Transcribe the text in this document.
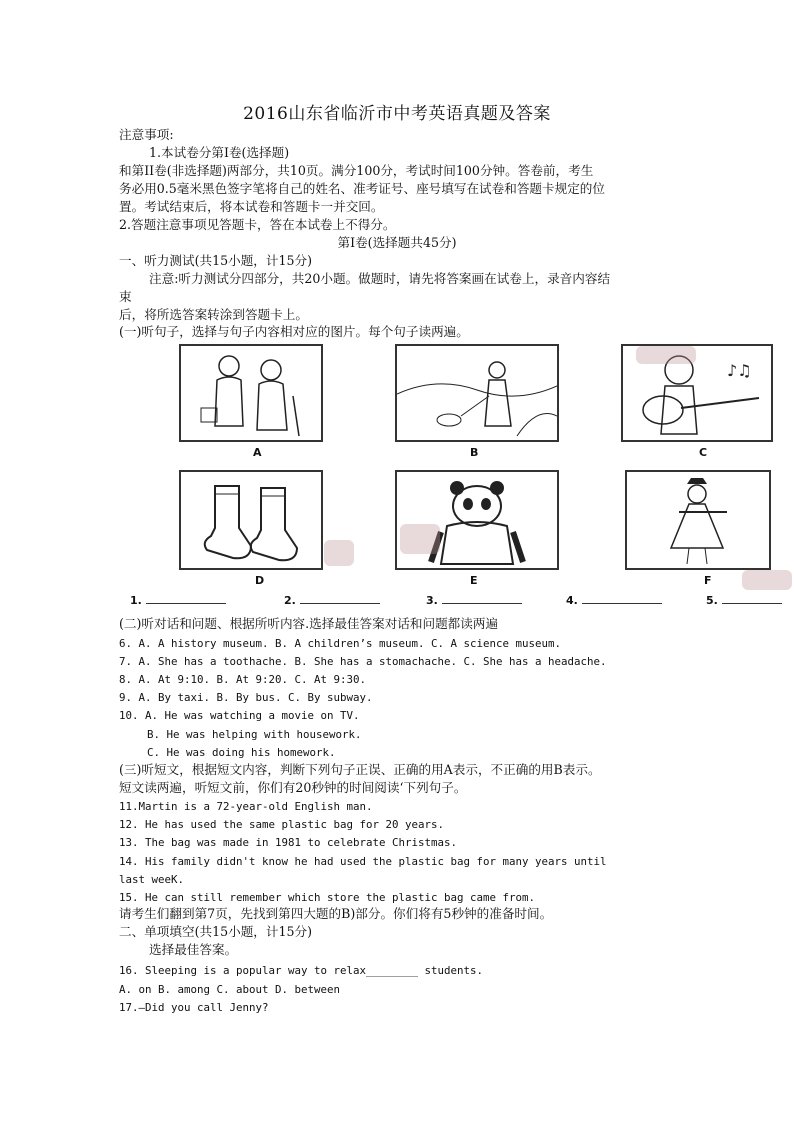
2016山东省临沂市中考英语真题及答案
注意事项:
1.本试卷分第Ⅰ卷(选择题)
和第II卷(非选择题)两部分，共10页。满分100分，考试时间100分钟。答卷前，考生
务必用0.5毫米黑色签字笔将自己的姓名、准考证号、座号填写在试卷和答题卡规定的位
置。考试结束后，将本试卷和答题卡一并交回。
2.答题注意事项见答题卡，答在本试卷上不得分。
第Ⅰ卷(选择题共45分)
一、听力测试(共15小题，计15分)
注意:听力测试分四部分，共20小题。做题时，请先将答案画在试卷上，录音内容结
束
后，将所选答案转涂到答题卡上。
(一)听句子，选择与句子内容相对应的图片。每个句子读两遍。
A	B
♪♫
C
D	E	F
1.	2.	3.	4.	5.
(二)听对话和问题、根据所听内容.选择最佳答案对话和问题都读两遍
6. A. A history museum. B. A children’s museum. C. A science museum.
7. A. She has a toothache. B. She has a stomachache. C. She has a headache.
8. A. At 9:10. B. At 9:20. C. At 9:30.
9. A. By taxi. B. By bus. C. By subway.
10. A. He was watching a movie on TV.
B. He was helping with housework.
C. He was doing his homework.
(三)听短文，根据短文内容，判断下列句子正误、正确的用A表示，不正确的用B表示。
短文读两遍，听短文前，你们有20秒钟的时间阅读‘下列句子。
11.Martin is a 72-year-old English man.
12. He has used the same plastic bag for 20 years.
13. The bag was made in 1981 to celebrate Christmas.
14. His family didn't know he had used the plastic bag for many years until
last weeK.
15. He can still remember which store the plastic bag came from.
请考生们翻到第7页，先找到第四大题的B)部分。你们将有5秒钟的准备时间。
二、单项填空(共15小题，计15分)
选择最佳答案。
16. Sleeping is a popular way to relax________ students.
A. on B. among C. about D. between
17.—Did you call Jenny?
